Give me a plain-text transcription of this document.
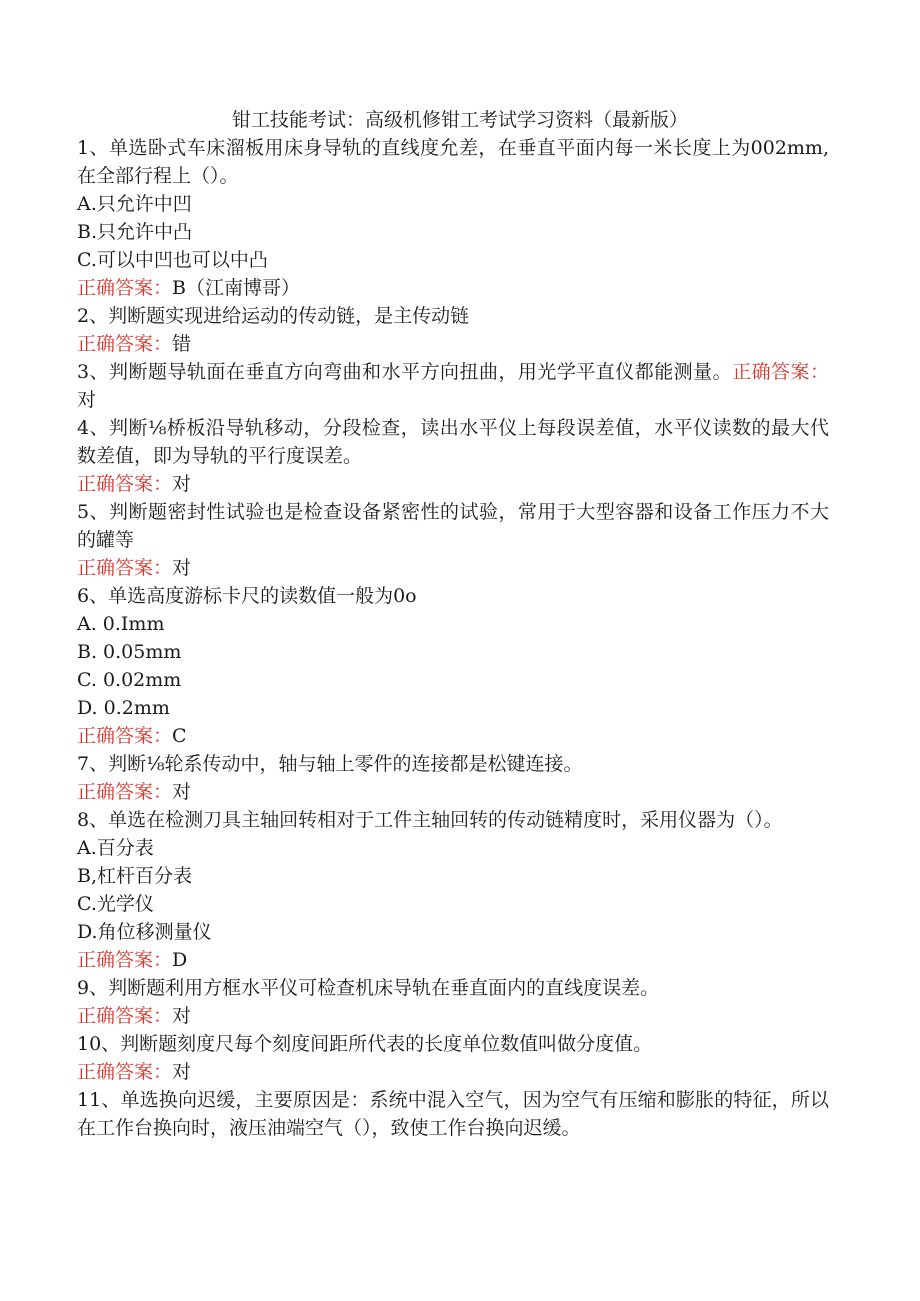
钳工技能考试：高级机修钳工考试学习资料（最新版）

1、单选卧式车床溜板用床身导轨的直线度允差，在垂直平面内每一米长度上为002mm,在全部行程上（）。

A.只允许中凹

B.只允许中凸

C.可以中凹也可以中凸

正确答案：B（江南博哥）

2、判断题实现进给运动的传动链，是主传动链

正确答案：错

3、判断题导轨面在垂直方向弯曲和水平方向扭曲，用光学平直仪都能测量。正确答案：对

4、判断⅛桥板沿导轨移动，分段检查，读出水平仪上每段误差值，水平仪读数的最大代数差值，即为导轨的平行度误差。

正确答案：对

5、判断题密封性试验也是检查设备紧密性的试验，常用于大型容器和设备工作压力不大的罐等

正确答案：对

6、单选高度游标卡尺的读数值一般为0o

A. 0.Imm

B. 0.05mm

C. 0.02mm

D. 0.2mm

正确答案：C

7、判断⅛轮系传动中，轴与轴上零件的连接都是松键连接。

正确答案：对

8、单选在检测刀具主轴回转相对于工件主轴回转的传动链精度时，采用仪器为（）。

A.百分表

B,杠杆百分表

C.光学仪

D.角位移测量仪

正确答案：D

9、判断题利用方框水平仪可检查机床导轨在垂直面内的直线度误差。

正确答案：对

10、判断题刻度尺每个刻度间距所代表的长度单位数值叫做分度值。

正确答案：对

11、单选换向迟缓，主要原因是：系统中混入空气，因为空气有压缩和膨胀的特征，所以在工作台换向时，液压油端空气（），致使工作台换向迟缓。
